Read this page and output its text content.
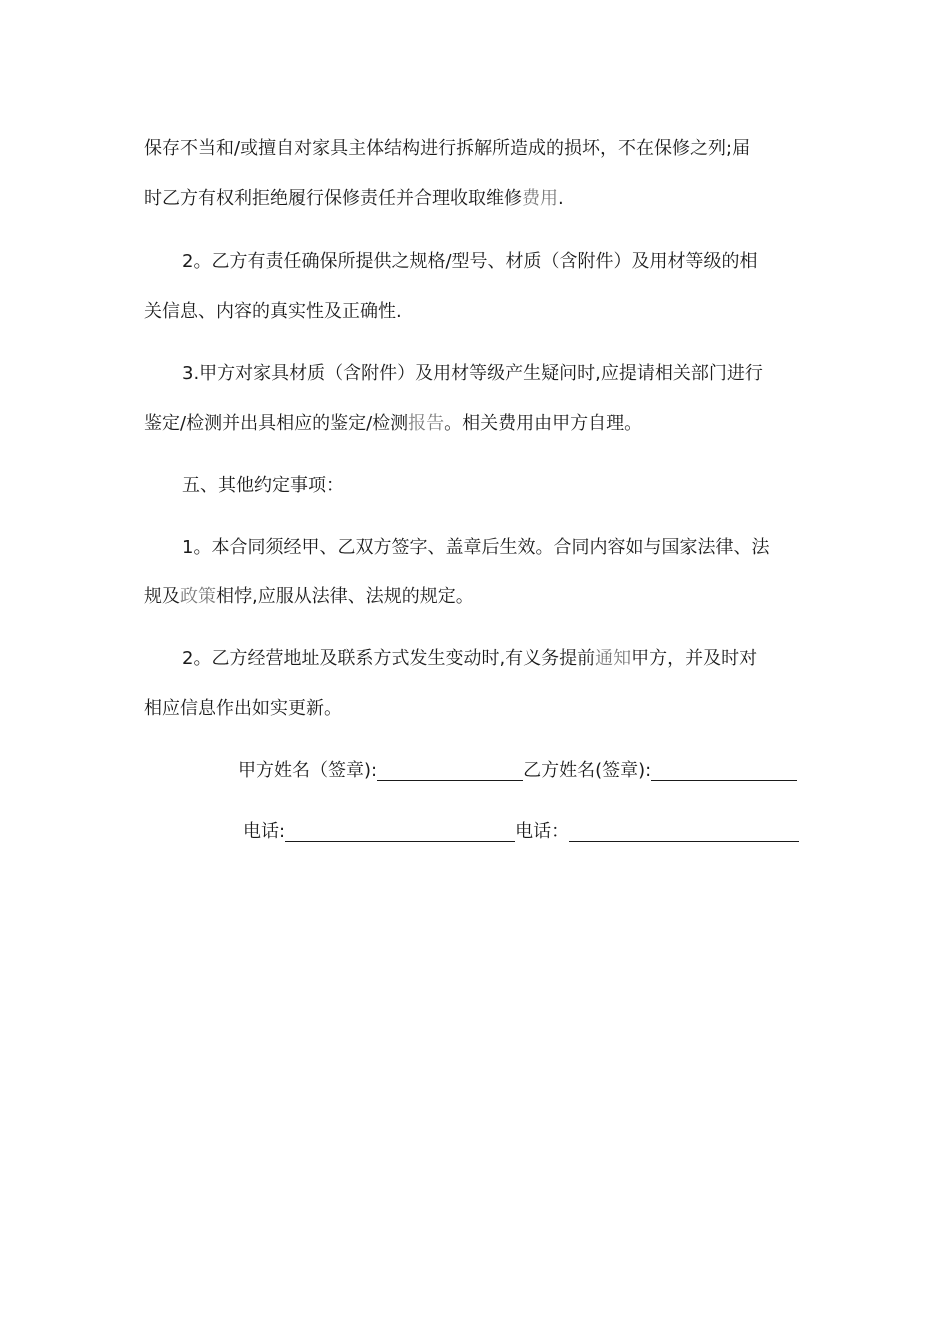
保存不当和/或擅自对家具主体结构进行拆解所造成的损坏，不在保修之列;届
时乙方有权利拒绝履行保修责任并合理收取维修费用.
2。乙方有责任确保所提供之规格/型号、材质（含附件）及用材等级的相
关信息、内容的真实性及正确性.
3.甲方对家具材质（含附件）及用材等级产生疑问时,应提请相关部门进行
鉴定/检测并出具相应的鉴定/检测报告。相关费用由甲方自理。
五、其他约定事项：
1。本合同须经甲、乙双方签字、盖章后生效。合同内容如与国家法律、法
规及政策相悖,应服从法律、法规的规定。
2。乙方经营地址及联系方式发生变动时,有义务提前通知甲方，并及时对
相应信息作出如实更新。
甲方姓名（签章):	乙方姓名(签章):
电话:	电话：
